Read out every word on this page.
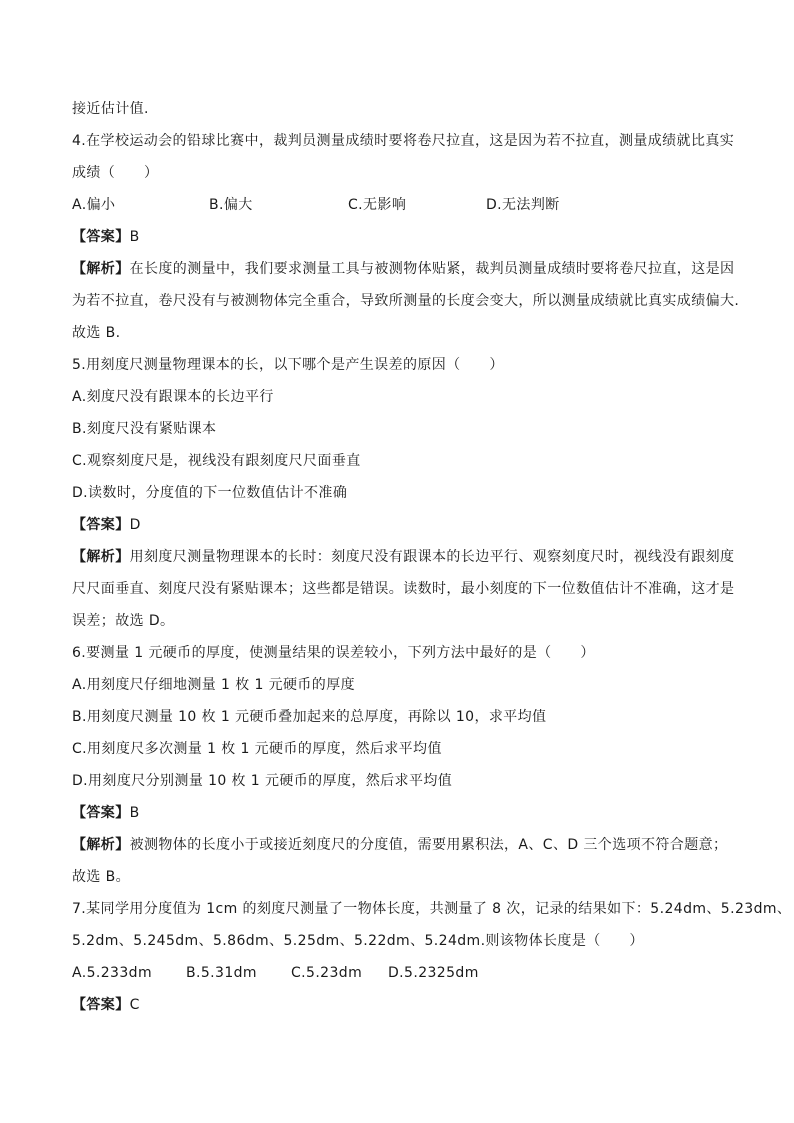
接近估计值.
4.在学校运动会的铅球比赛中，裁判员测量成绩时要将卷尺拉直，这是因为若不拉直，测量成绩就比真实
成绩（　　）
A.偏小	B.偏大	C.无影响	D.无法判断
【答案】B
【解析】在长度的测量中，我们要求测量工具与被测物体贴紧，裁判员测量成绩时要将卷尺拉直，这是因
为若不拉直，卷尺没有与被测物体完全重合，导致所测量的长度会变大，所以测量成绩就比真实成绩偏大.
故选 B.
5.用刻度尺测量物理课本的长，以下哪个是产生误差的原因（　　）
A.刻度尺没有跟课本的长边平行
B.刻度尺没有紧贴课本
C.观察刻度尺是，视线没有跟刻度尺尺面垂直
D.读数时，分度值的下一位数值估计不准确
【答案】D
【解析】用刻度尺测量物理课本的长时：刻度尺没有跟课本的长边平行、观察刻度尺时，视线没有跟刻度
尺尺面垂直、刻度尺没有紧贴课本；这些都是错误。读数时，最小刻度的下一位数值估计不准确，这才是
误差；故选 D。
6.要测量 1 元硬币的厚度，使测量结果的误差较小，下列方法中最好的是（　　）
A.用刻度尺仔细地测量 1 枚 1 元硬币的厚度
B.用刻度尺测量 10 枚 1 元硬币叠加起来的总厚度，再除以 10，求平均值
C.用刻度尺多次测量 1 枚 1 元硬币的厚度，然后求平均值
D.用刻度尺分别测量 10 枚 1 元硬币的厚度，然后求平均值
【答案】B
【解析】被测物体的长度小于或接近刻度尺的分度值，需要用累积法，A、C、D 三个选项不符合题意；
故选 B。
7.某同学用分度值为 1cm 的刻度尺测量了一物体长度，共测量了 8 次，记录的结果如下：5.24dm、5.23dm、
5.2dm、5.245dm、5.86dm、5.25dm、5.22dm、5.24dm.则该物体长度是（　　）
A.5.233dm B.5.31dm C.5.23dm D.5.2325dm
【答案】C
